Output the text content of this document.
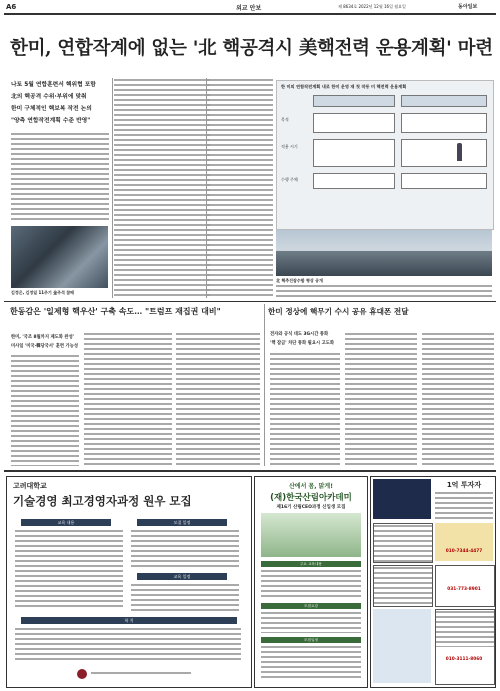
A6	외교 안보	제 8634호 2022년 12월 16일 월요일	동아일보
한미, 연합작계에 없는 '北 핵공격시 美핵전력 운용계획' 마련
나토 5월 연합훈련서 핵위협 포함
北의 핵공격 수위·부위에 맞춰
한미 구체적인 핵보복 작전 논의
"양측 연합작전계획 수준 반영"
김정은, 김정일 11주기 金주석 참배
한 미의 연합작전계획 내로 한미 운영 재 첫 작동 미 핵전력 운용계획
목적
적용 시기
수행 주체
北 핵추진잠수함 형상 공개
한동감은 '일제형 핵우산' 구축 속도… "트럼프 재집권 대비"
한미, '국조 8월까지 제도화 완성'
미사일 '미국·韓당국서' 훈련 가능성
한미 정상에 핵무기 수시 공유 휴대폰 전달
전자와 공식 대도 3G시간 통화
'핵 잠금' 차단 통화 필요시 고도화
고려대학교
기술경영 최고경영자과정 원우 모집
교육 내용	모집 일정
교육 일정
학 칙
산에서 몸, 맑게!
(재)한국산림아카데미
제16기 산림CEO과정 신입생 모집
주요 교육내용
모집요강
모집일정
1억 투자자
010-7344-4477
031-773-8901
010-3111-8060
